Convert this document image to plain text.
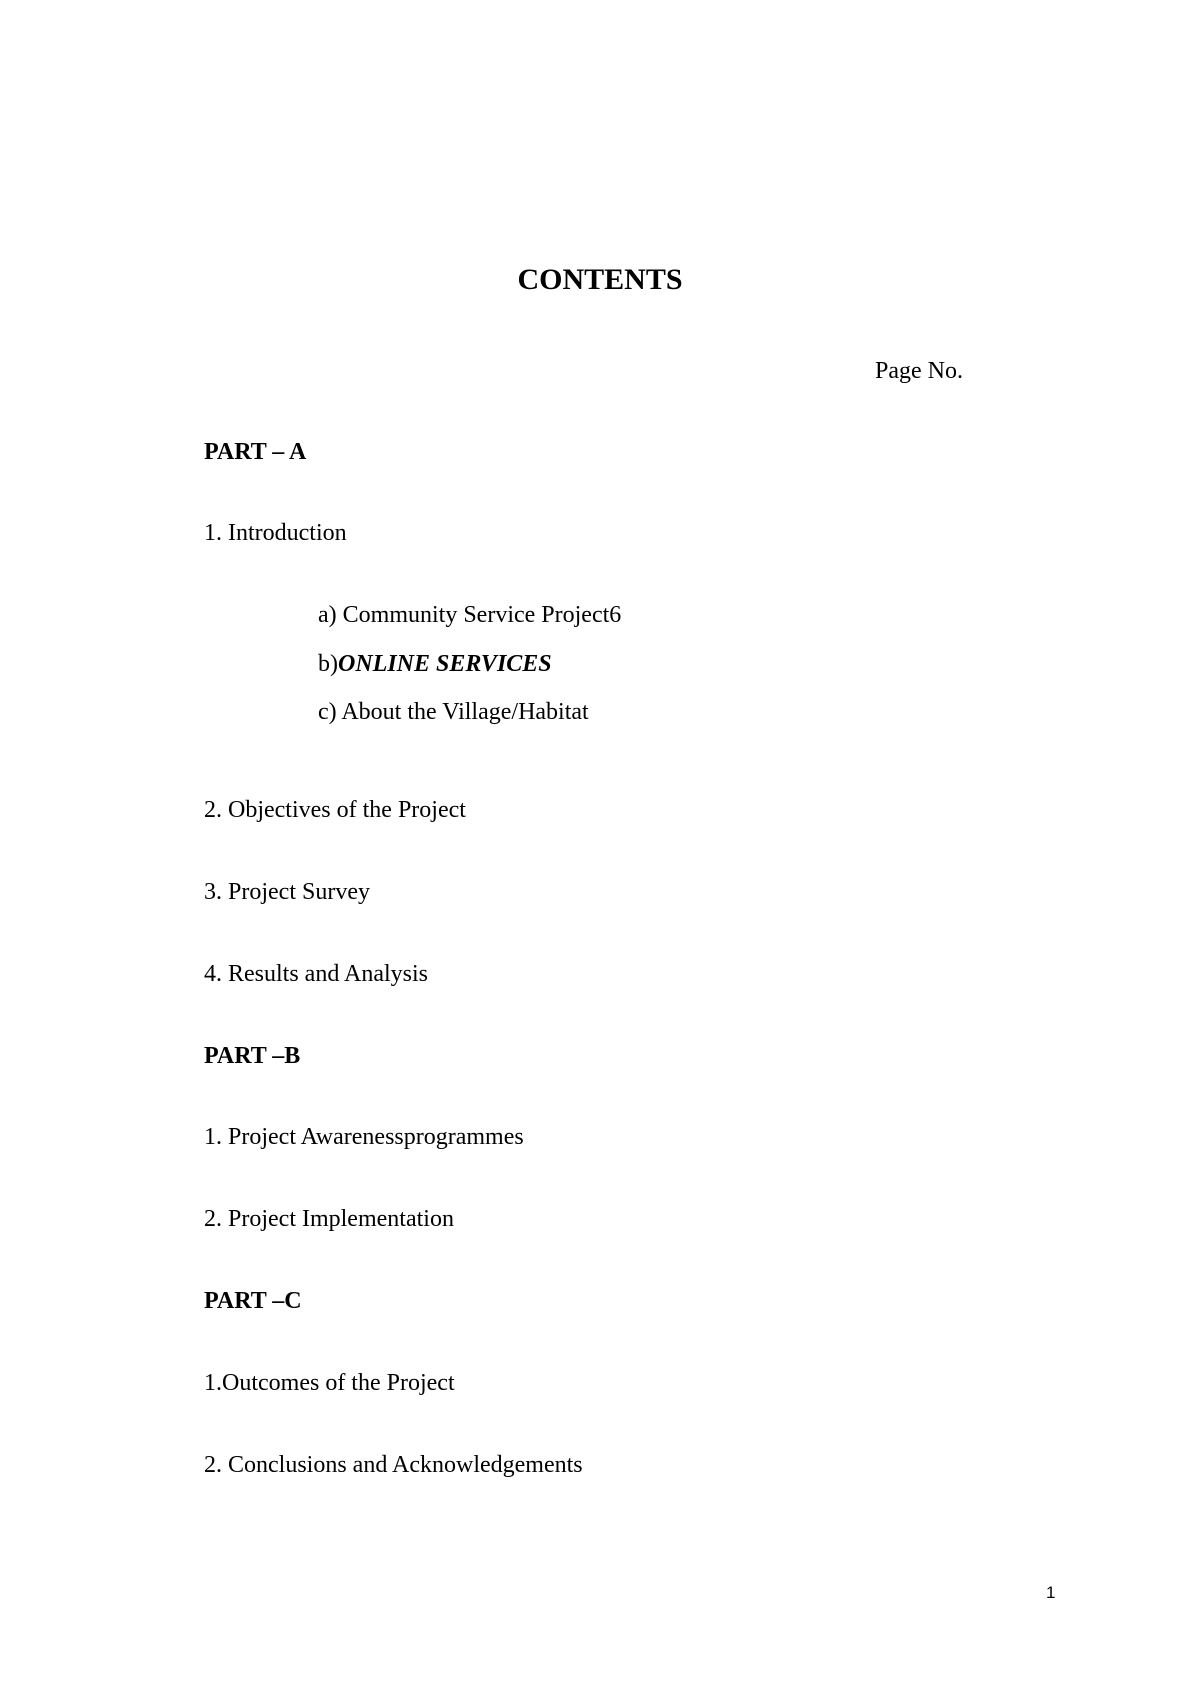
CONTENTS
Page No.
PART – A
1. Introduction
a) Community Service Project6
b)ONLINE SERVICES
c) About the Village/Habitat
2. Objectives of the Project
3. Project Survey
4. Results and Analysis
PART –B
1. Project Awarenessprogrammes
2. Project Implementation
PART –C
1.Outcomes of the Project
2. Conclusions and Acknowledgements
1
